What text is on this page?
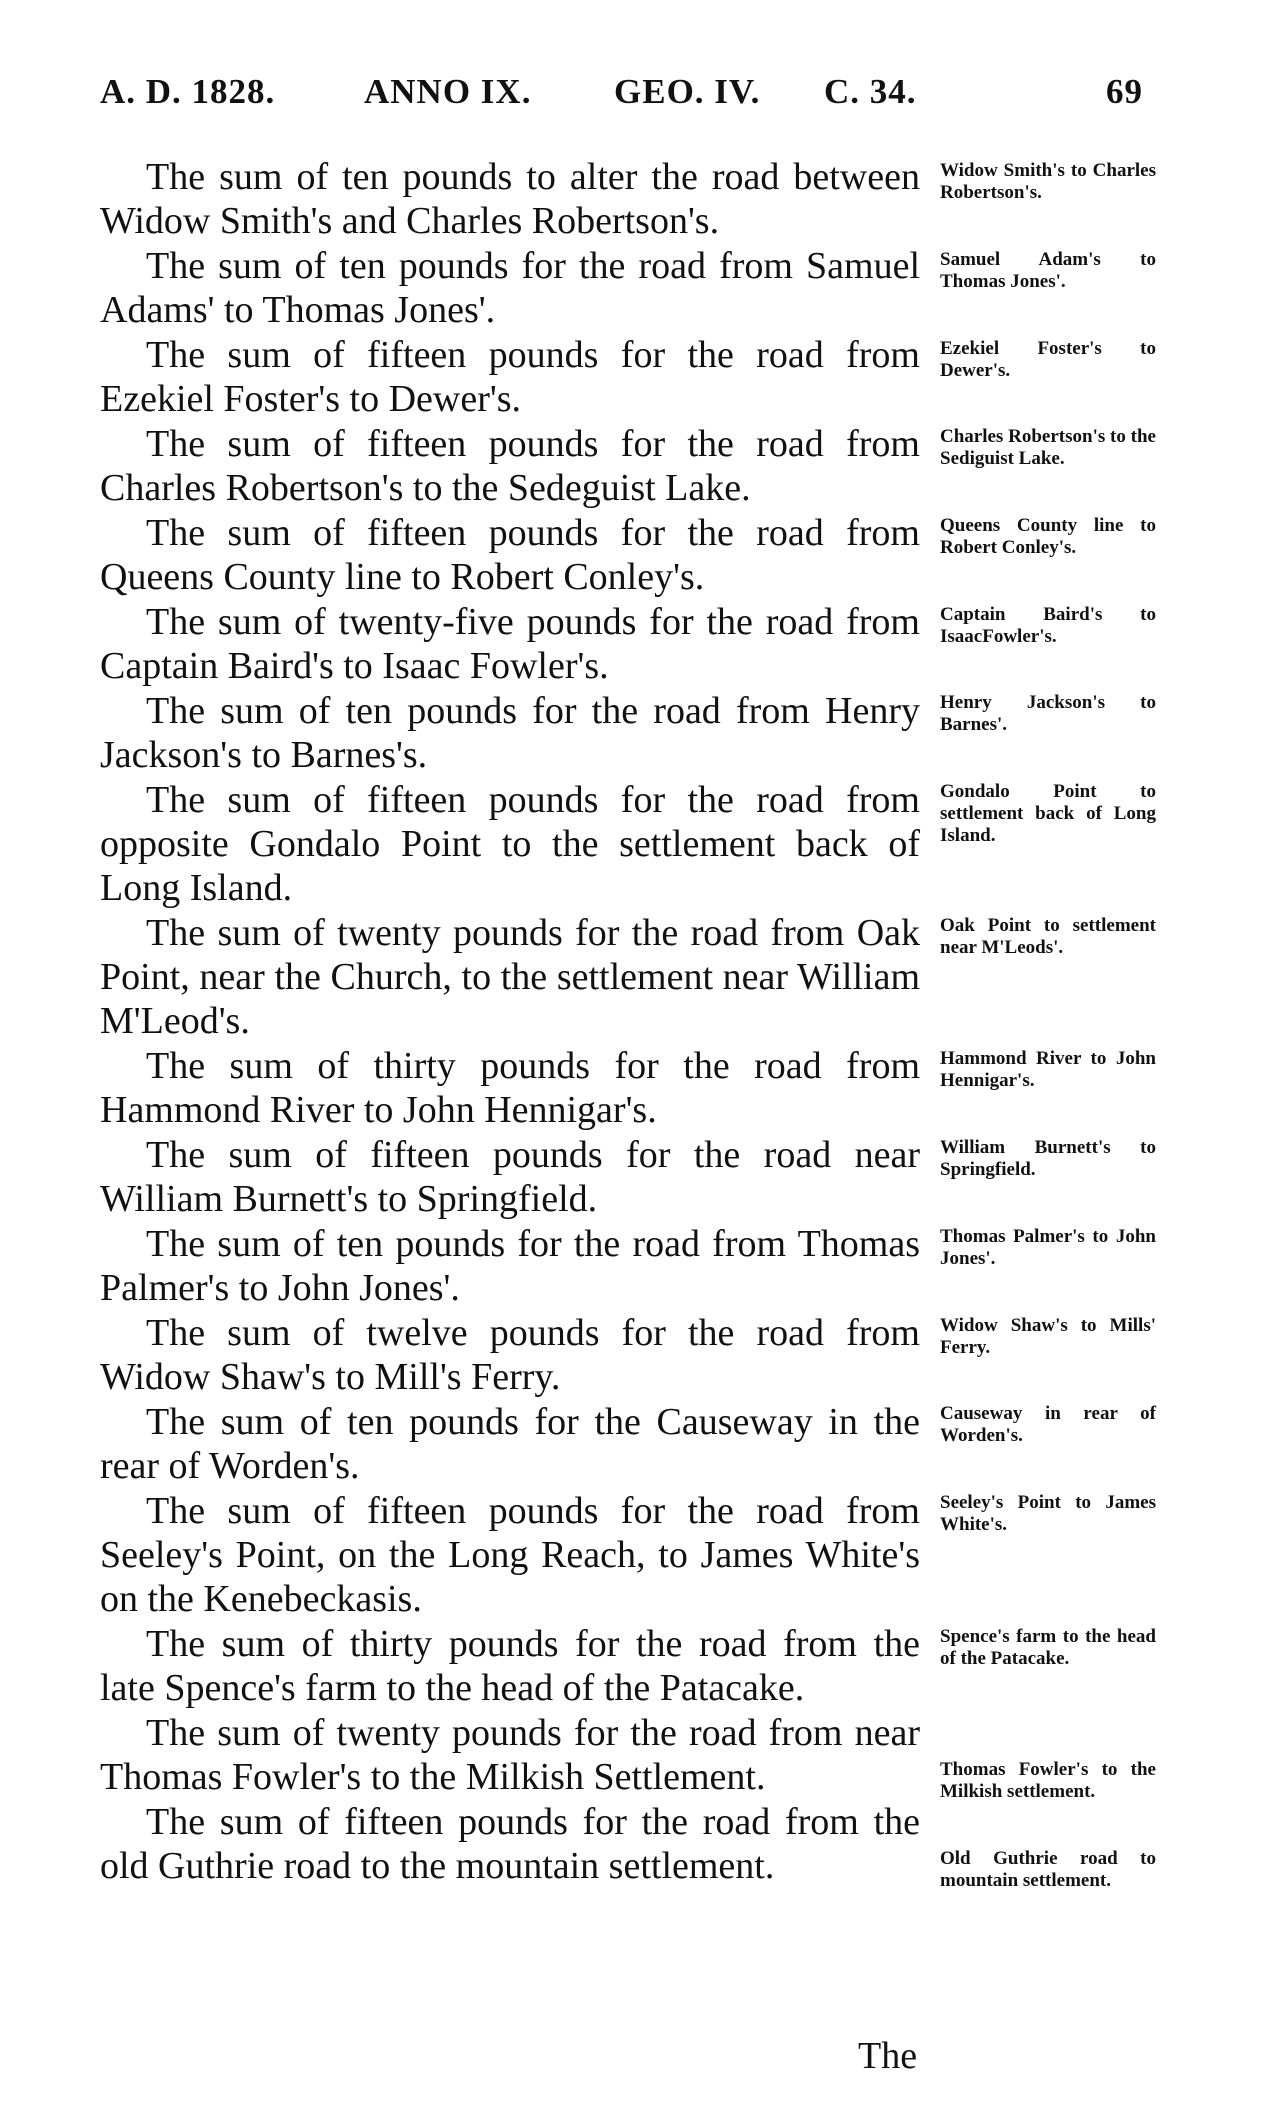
A. D. 1828.	ANNO IX. GEO. IV. C. 34.	69

The sum of ten pounds to alter the road between Widow Smith's and Charles Robertson's.

The sum of ten pounds for the road from Samuel Adams' to Thomas Jones'.

The sum of fifteen pounds for the road from Ezekiel Foster's to Dewer's.

The sum of fifteen pounds for the road from Charles Robertson's to the Sedeguist Lake.

The sum of fifteen pounds for the road from Queens County line to Robert Conley's.

The sum of twenty-five pounds for the road from Captain Baird's to Isaac Fowler's.

The sum of ten pounds for the road from Henry Jackson's to Barnes's.

The sum of fifteen pounds for the road from opposite Gondalo Point to the settlement back of Long Island.

The sum of twenty pounds for the road from Oak Point, near the Church, to the settlement near William M'Leod's.

The sum of thirty pounds for the road from Hammond River to John Hennigar's.

The sum of fifteen pounds for the road near William Burnett's to Springfield.

The sum of ten pounds for the road from Thomas Palmer's to John Jones'.

The sum of twelve pounds for the road from Widow Shaw's to Mill's Ferry.

The sum of ten pounds for the Causeway in the rear of Worden's.

The sum of fifteen pounds for the road from Seeley's Point, on the Long Reach, to James White's on the Kenebeckasis.

The sum of thirty pounds for the road from the late Spence's farm to the head of the Patacake.

The sum of twenty pounds for the road from near Thomas Fowler's to the Milkish Settlement.

The sum of fifteen pounds for the road from the old Guthrie road to the mountain settlement.

Widow Smith's to Charles Robertson's.
Samuel Adam's to Thomas Jones'.
Ezekiel Foster's to Dewer's.
Charles Robertson's to the Sediguist Lake.
Queens County line to Robert Conley's.
Captain Baird's to IsaacFowler's.
Henry Jackson's to Barnes'.
Gondalo Point to settlement back of Long Island.
Oak Point to settlement near M'Leods'.
Hammond River to John Hennigar's.
William Burnett's to Springfield.
Thomas Palmer's to John Jones'.
Widow Shaw's to Mills' Ferry.
Causeway in rear of Worden's.
Seeley's Point to James White's.
Spence's farm to the head of the Patacake.
Thomas Fowler's to the Milkish settlement.
Old Guthrie road to mountain settlement.
The
